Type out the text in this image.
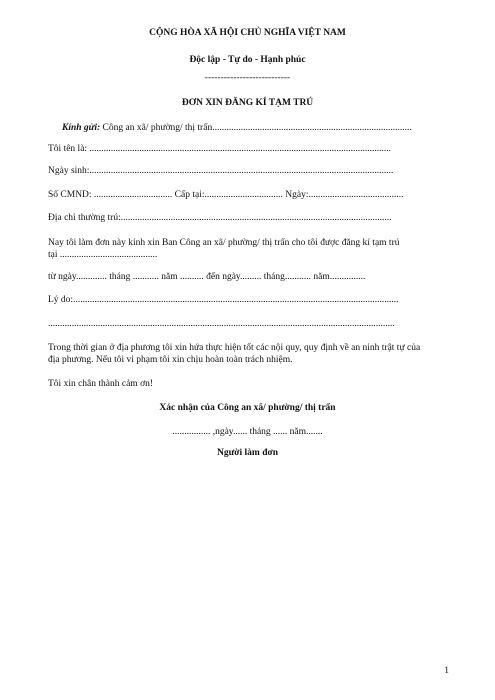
CỘNG HÒA XÃ HỘI CHỦ NGHĨA VIỆT NAM
Độc lập - Tự do - Hạnh phúc
---------------------------
ĐƠN XIN ĐĂNG KÍ TẠM TRÚ
Kính gửi: Công an xã/ phường/ thị trấn....................................................................................
Tôi tên là: ...............................................................................................................................
Ngày sinh:................................................................................................................................
Số CMND: ................................. Cấp tại:................................. Ngày:........................................
Địa chỉ thường trú:..................................................................................................................
Nay tôi làm đơn này kính xin Ban Công an xã/ phường/ thị trấn cho tôi được đăng kí tạm trú
tại .........................................
từ ngày............. tháng ........... năm .......... đến ngày......... tháng........... năm...............
Lý do:.........................................................................................................................................
..................................................................................................................................................
Trong thời gian ở địa phương tôi xin hứa thực hiện tốt các nội quy, quy định về an ninh trật tự của
địa phương. Nếu tôi vi phạm tôi xin chịu hoàn toàn trách nhiệm.
Tôi xin chân thành cảm ơn!
Xác nhận của Công an xã/ phường/ thị trấn
................ ,ngày...... tháng ...... năm.......
Người làm đơn
1
